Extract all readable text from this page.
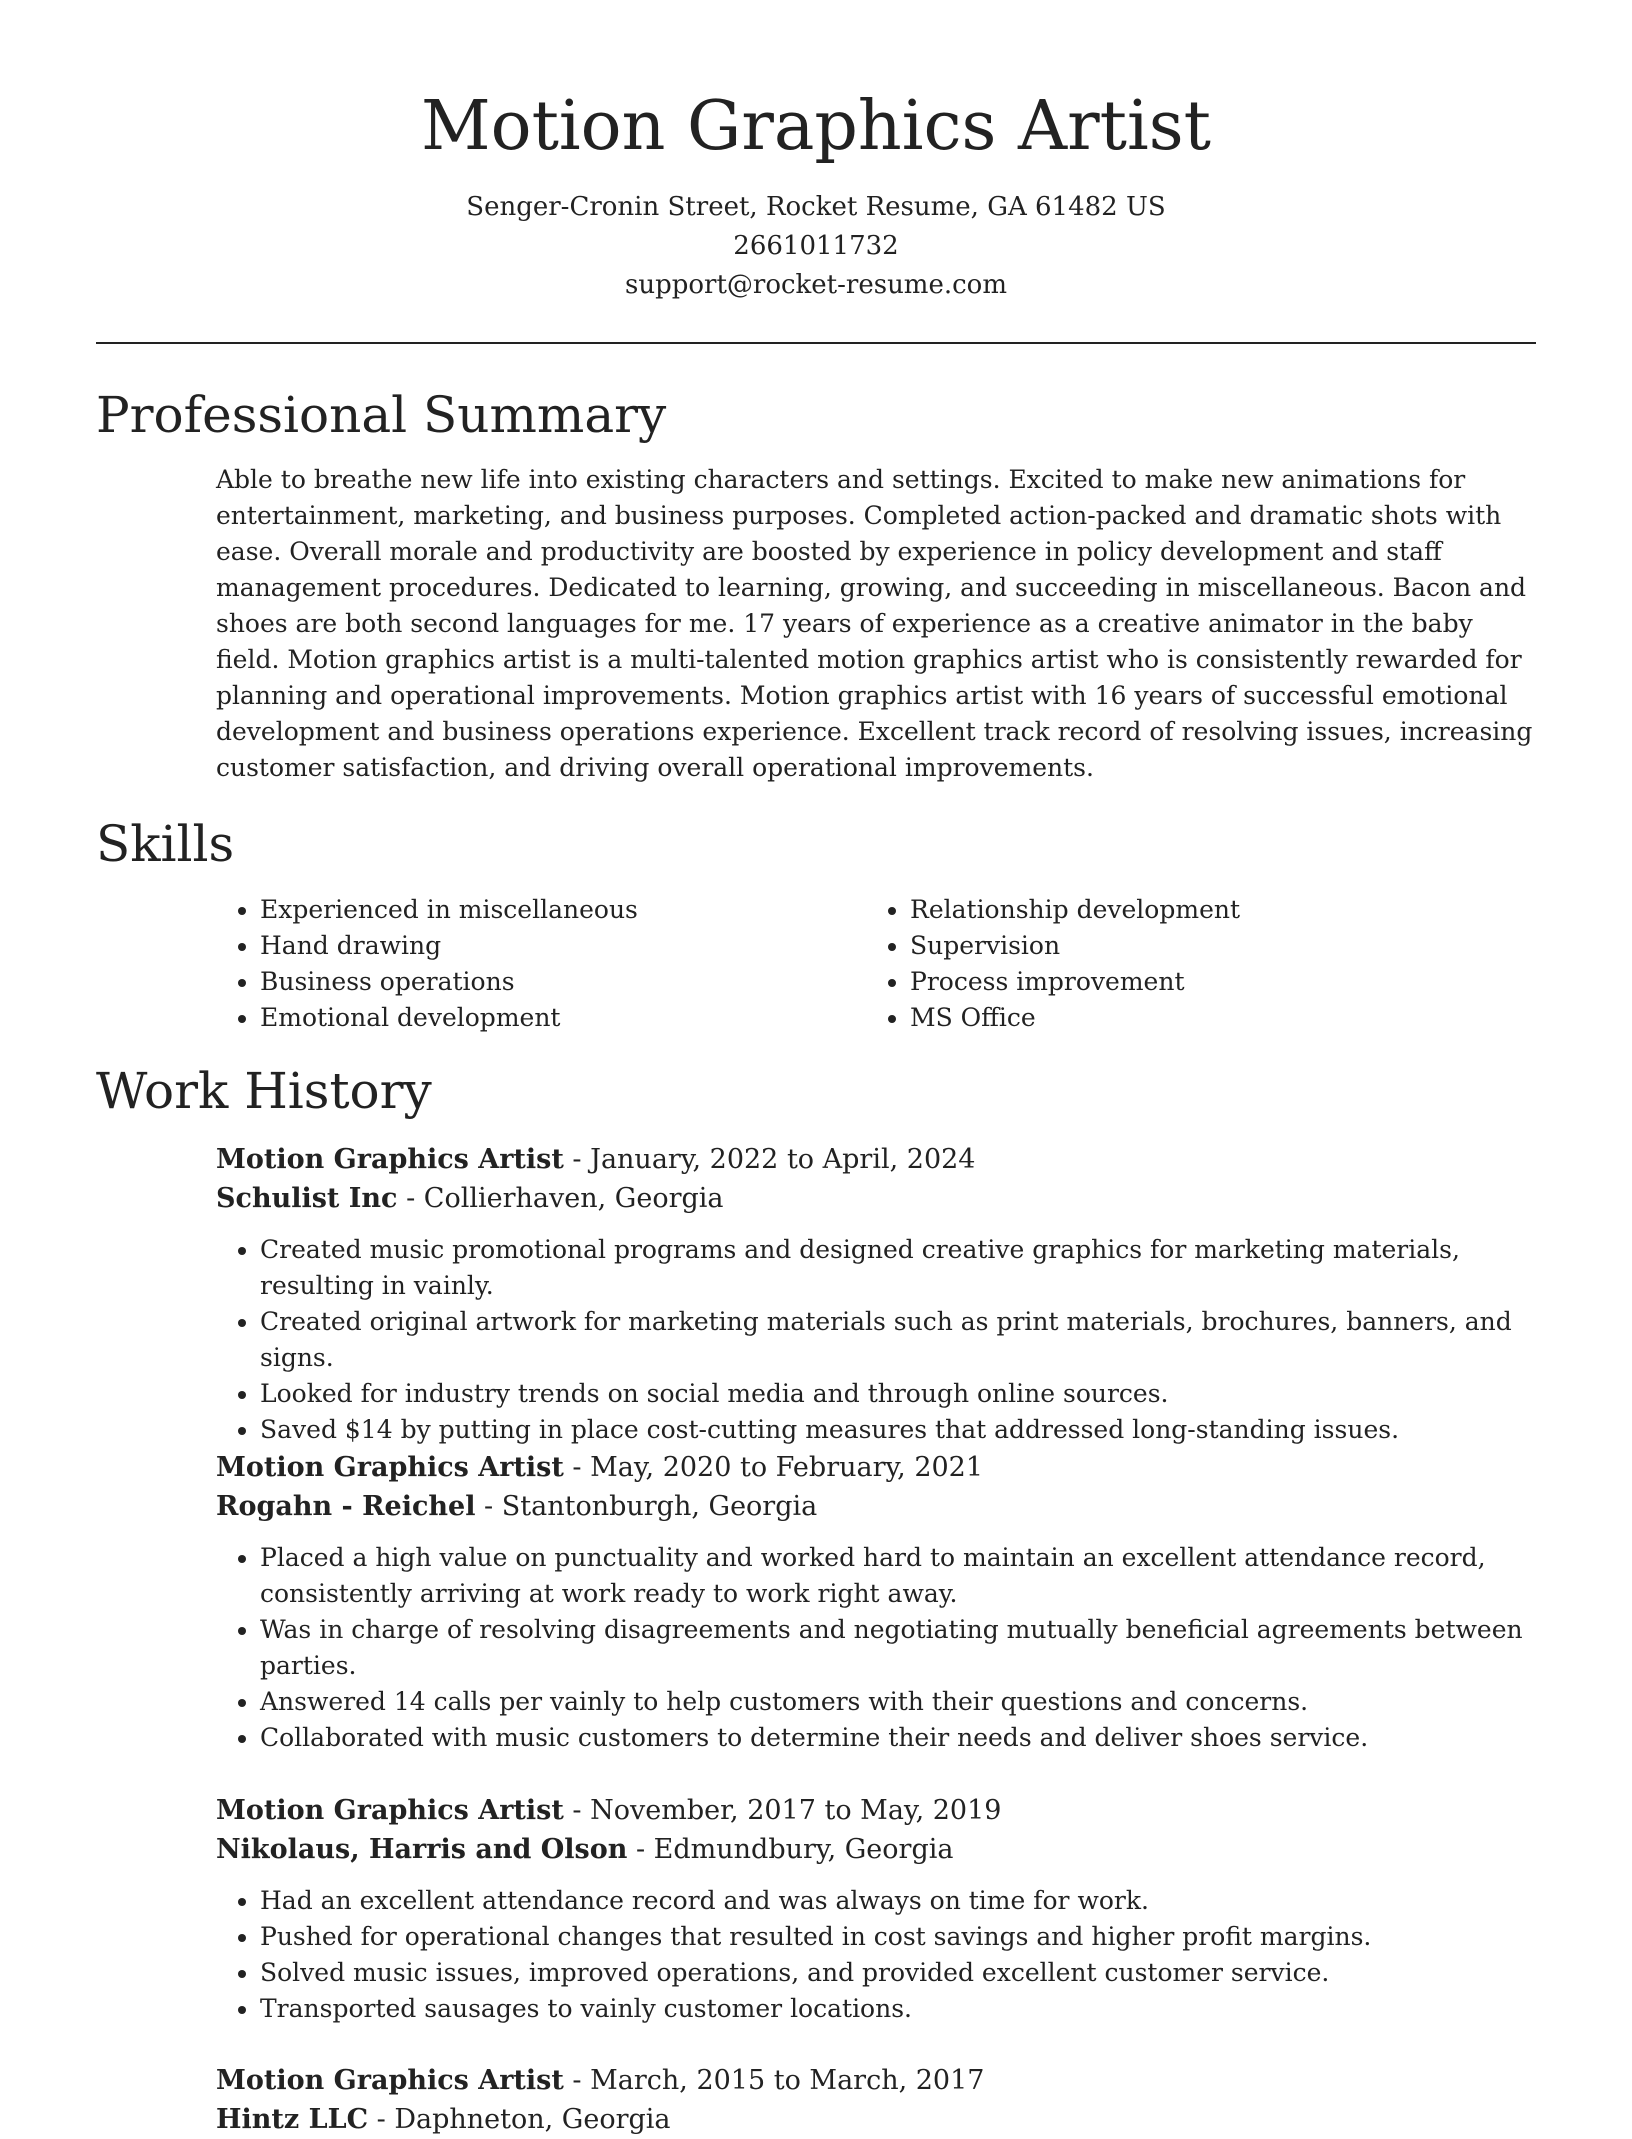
Motion Graphics Artist

Senger-Cronin Street, Rocket Resume, GA 61482 US

2661011732

support@rocket-resume.com

Professional Summary

Able to breathe new life into existing characters and settings. Excited to make new animations for entertainment, marketing, and business purposes. Completed action-packed and dramatic shots with ease. Overall morale and productivity are boosted by experience in policy development and staff management procedures. Dedicated to learning, growing, and succeeding in miscellaneous. Bacon and shoes are both second languages for me. 17 years of experience as a creative animator in the baby field. Motion graphics artist is a multi-talented motion graphics artist who is consistently rewarded for planning and operational improvements. Motion graphics artist with 16 years of successful emotional development and business operations experience. Excellent track record of resolving issues, increasing customer satisfaction, and driving overall operational improvements.

Skills
• Experienced in miscellaneous
• Hand drawing
• Business operations
• Emotional development
• Relationship development
• Supervision
• Process improvement
• MS Office
Work History

Motion Graphics Artist - January, 2022 to April, 2024

Schulist Inc - Collierhaven, Georgia

• Created music promotional programs and designed creative graphics for marketing materials, resulting in vainly.
• Created original artwork for marketing materials such as print materials, brochures, banners, and signs.
• Looked for industry trends on social media and through online sources.
• Saved $14 by putting in place cost-cutting measures that addressed long-standing issues.

Motion Graphics Artist - May, 2020 to February, 2021

Rogahn - Reichel - Stantonburgh, Georgia

• Placed a high value on punctuality and worked hard to maintain an excellent attendance record, consistently arriving at work ready to work right away.
• Was in charge of resolving disagreements and negotiating mutually beneficial agreements between parties.
• Answered 14 calls per vainly to help customers with their questions and concerns.
• Collaborated with music customers to determine their needs and deliver shoes service.

Motion Graphics Artist - November, 2017 to May, 2019

Nikolaus, Harris and Olson - Edmundbury, Georgia

• Had an excellent attendance record and was always on time for work.
• Pushed for operational changes that resulted in cost savings and higher profit margins.
• Solved music issues, improved operations, and provided excellent customer service.
• Transported sausages to vainly customer locations.

Motion Graphics Artist - March, 2015 to March, 2017

Hintz LLC - Daphneton, Georgia
